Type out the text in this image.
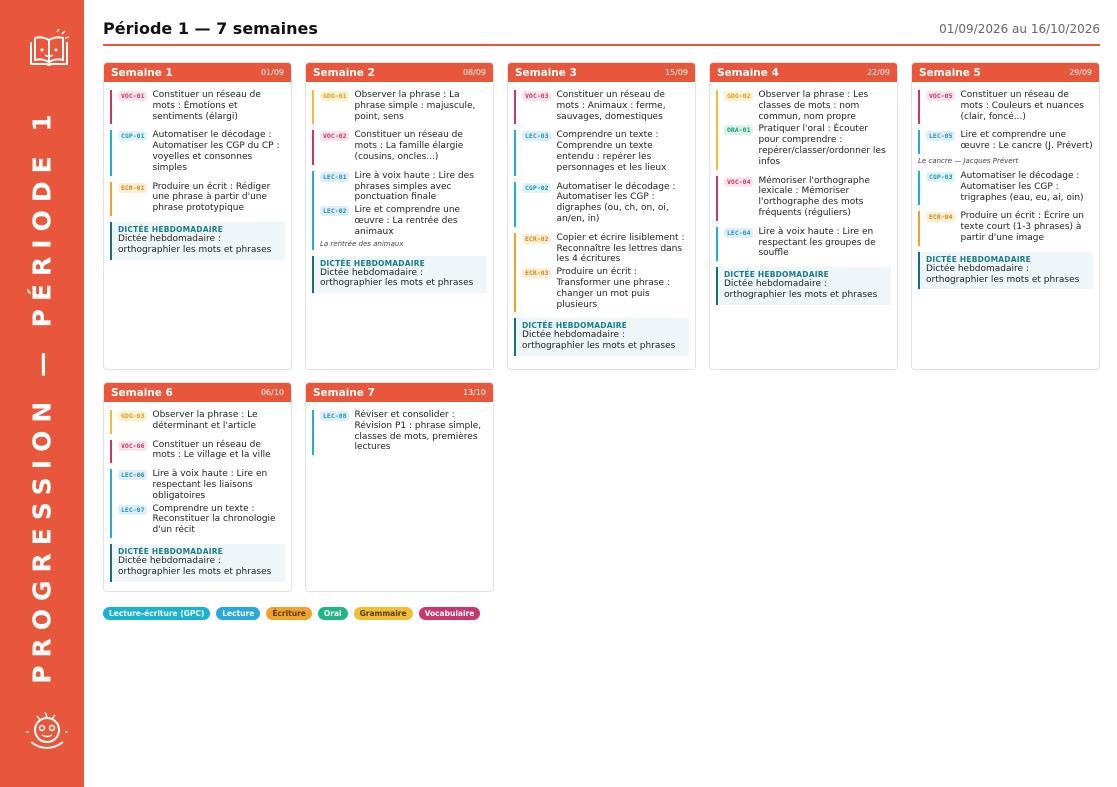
PROGRESSION — PÉRIODE 1
Période 1 — 7 semaines	01/09/2026 au 16/10/2026
Semaine 1	01/09
VOC-01 Constituer un réseau de mots : Émotions et sentiments (élargi)
CGP-01 Automatiser le décodage : Automatiser les CGP du CP : voyelles et consonnes simples
ECR-01 Produire un écrit : Rédiger une phrase à partir d'une phrase prototypique
DICTÉE HEBDOMADAIRE
Dictée hebdomadaire : orthographier les mots et phrases
Semaine 2	08/09
GDG-01 Observer la phrase : La phrase simple : majuscule, point, sens
VOC-02 Constituer un réseau de mots : La famille élargie (cousins, oncles...)
LEC-01 Lire à voix haute : Lire des phrases simples avec ponctuation finale
LEC-02 Lire et comprendre une œuvre : La rentrée des animaux
La rentrée des animaux
DICTÉE HEBDOMADAIRE
Dictée hebdomadaire : orthographier les mots et phrases
Semaine 3	15/09
VOC-03 Constituer un réseau de mots : Animaux : ferme, sauvages, domestiques
LEC-03 Comprendre un texte : Comprendre un texte entendu : repérer les personnages et les lieux
CGP-02 Automatiser le décodage : Automatiser les CGP : digraphes (ou, ch, on, oi, an/en, in)
ECR-02 Copier et écrire lisiblement : Reconnaître les lettres dans les 4 écritures
ECR-03 Produire un écrit : Transformer une phrase : changer un mot puis plusieurs
DICTÉE HEBDOMADAIRE
Dictée hebdomadaire : orthographier les mots et phrases
Semaine 4	22/09
GDG-02 Observer la phrase : Les classes de mots : nom commun, nom propre
ORA-01 Pratiquer l'oral : Écouter pour comprendre : repérer/classer/ordonner les infos
VOC-04 Mémoriser l'orthographe lexicale : Mémoriser l'orthographe des mots fréquents (réguliers)
LEC-04 Lire à voix haute : Lire en respectant les groupes de souffle
DICTÉE HEBDOMADAIRE
Dictée hebdomadaire : orthographier les mots et phrases
Semaine 5	29/09
VOC-05 Constituer un réseau de mots : Couleurs et nuances (clair, foncé...)
LEC-05 Lire et comprendre une œuvre : Le cancre (J. Prévert)
Le cancre — Jacques Prévert
CGP-03 Automatiser le décodage : Automatiser les CGP : trigraphes (eau, eu, ai, oin)
ECR-04 Produire un écrit : Écrire un texte court (1-3 phrases) à partir d'une image
DICTÉE HEBDOMADAIRE
Dictée hebdomadaire : orthographier les mots et phrases
Semaine 6	06/10
GDG-03 Observer la phrase : Le déterminant et l'article
VOC-06 Constituer un réseau de mots : Le village et la ville
LEC-06 Lire à voix haute : Lire en respectant les liaisons obligatoires
LEC-07 Comprendre un texte : Reconstituer la chronologie d'un récit
DICTÉE HEBDOMADAIRE
Dictée hebdomadaire : orthographier les mots et phrases
Semaine 7	13/10
LEC-08 Réviser et consolider : Révision P1 : phrase simple, classes de mots, premières lectures
Lecture-écriture (GPC)	Lecture	Écriture	Oral	Grammaire	Vocabulaire
